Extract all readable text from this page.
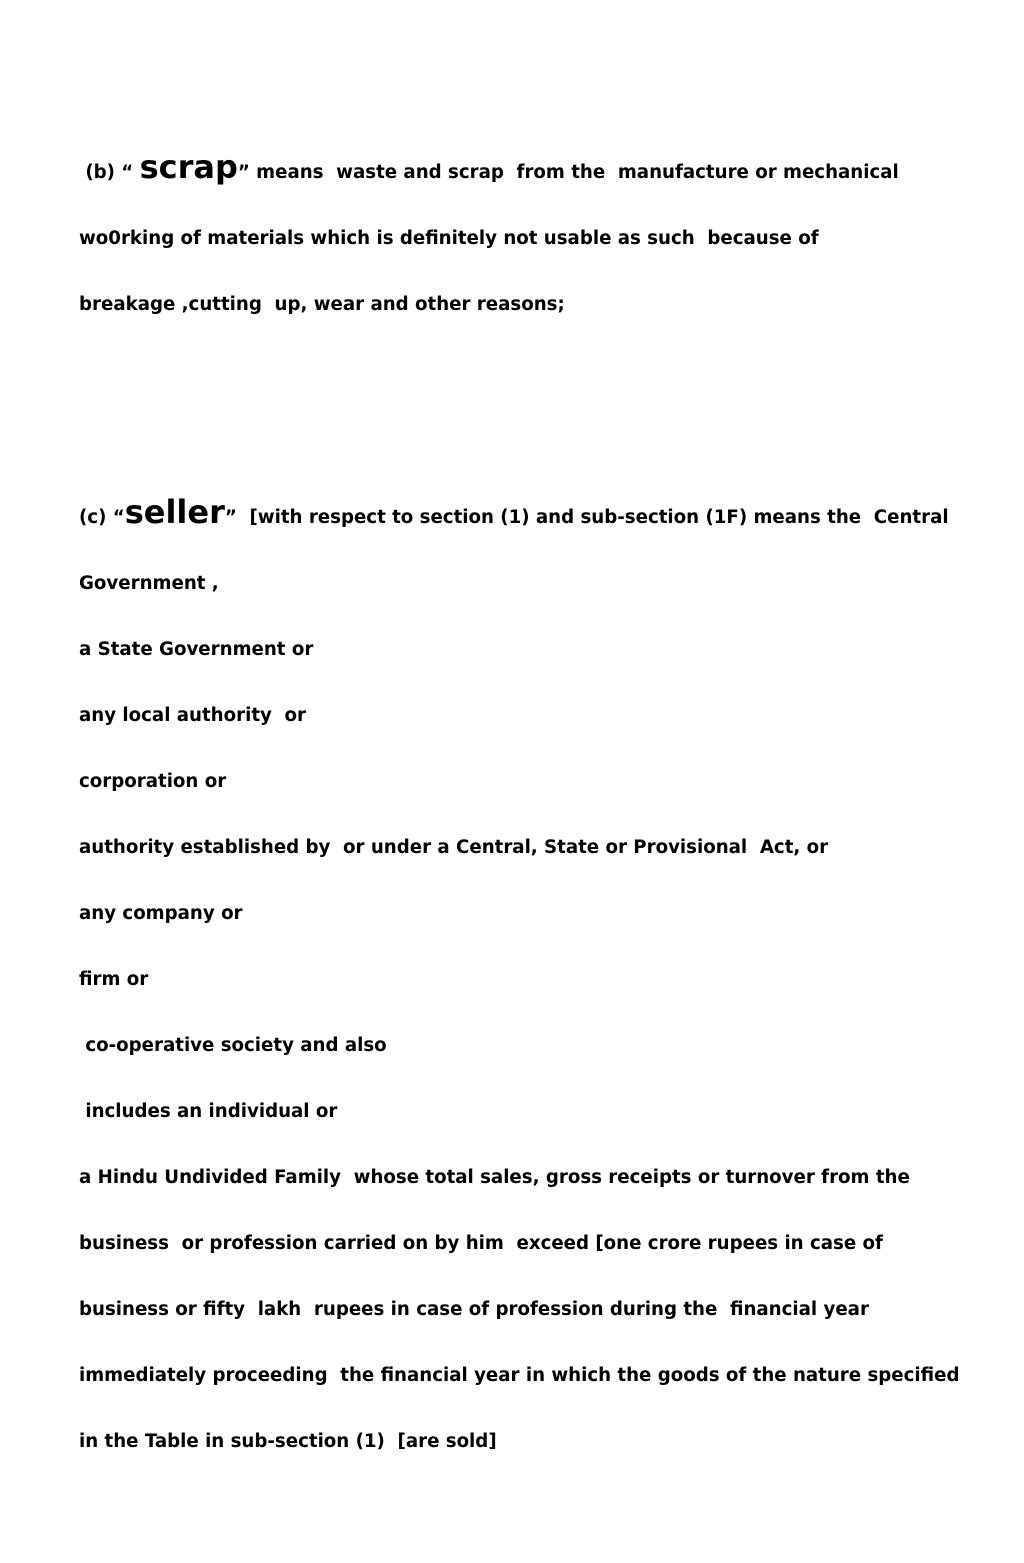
(b) “ scrap” means  waste and scrap  from the  manufacture or mechanical

wo0rking of materials which is definitely not usable as such  because of

breakage ,cutting  up, wear and other reasons;

(c) “seller”  [with respect to section (1) and sub-section (1F) means the  Central

Government ,

a State Government or

any local authority  or

corporation or

authority established by  or under a Central, State or Provisional  Act, or

any company or

firm or

co-operative society and also

includes an individual or

a Hindu Undivided Family  whose total sales, gross receipts or turnover from the

business  or profession carried on by him  exceed [one crore rupees in case of

business or fifty  lakh  rupees in case of profession during the  financial year

immediately proceeding  the financial year in which the goods of the nature specified

in the Table in sub-section (1)  [are sold]
